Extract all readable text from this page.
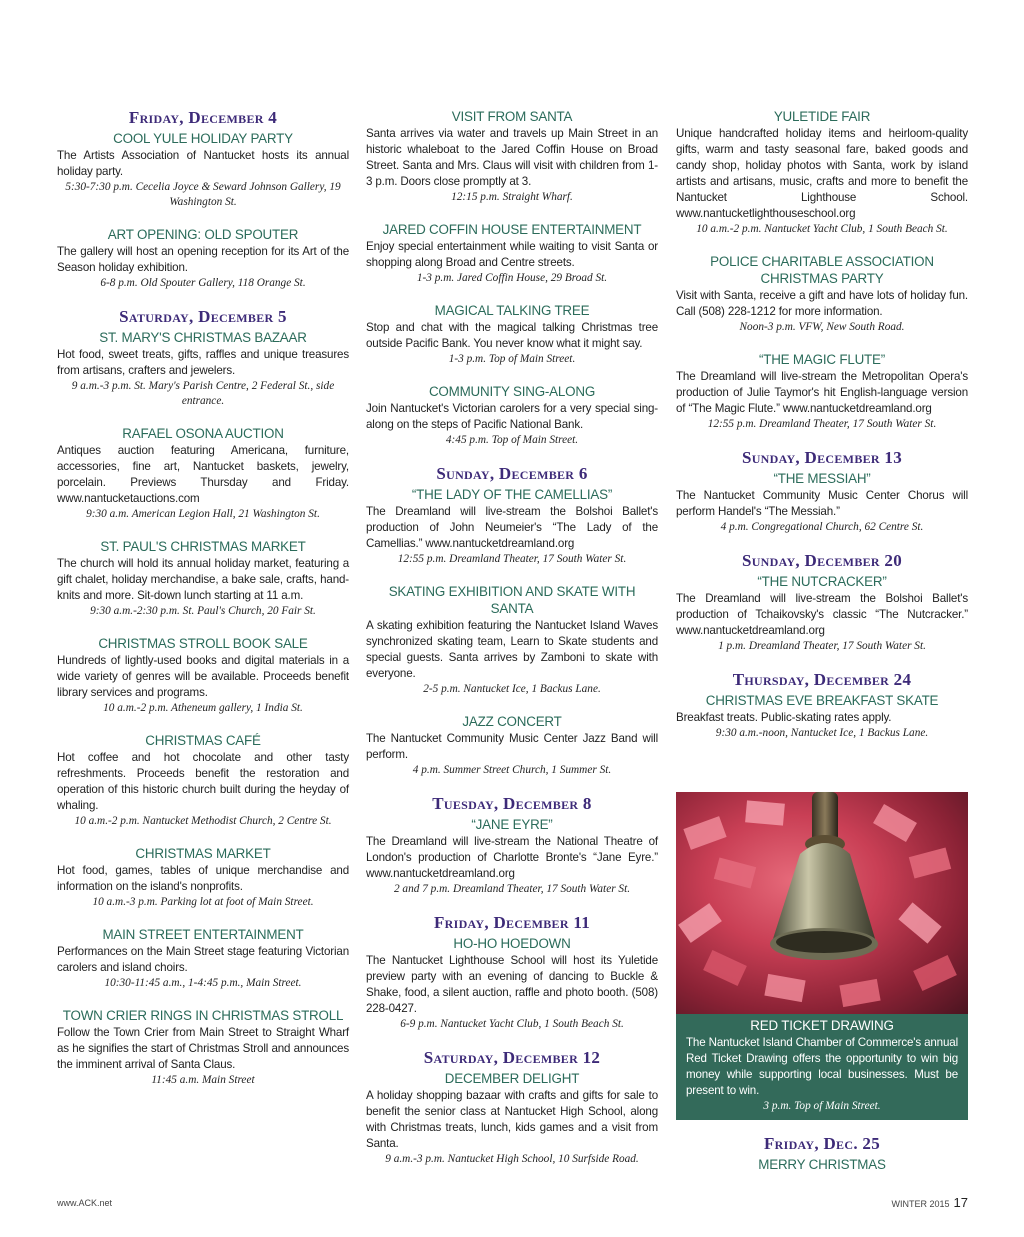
Friday, December 4
COOL YULE HOLIDAY PARTY

The Artists Association of Nantucket hosts its annual holiday party.

5:30-7:30 p.m. Cecelia Joyce & Seward Johnson Gallery, 19 Washington St.

ART OPENING: OLD SPOUTER

The gallery will host an opening reception for its Art of the Season holiday exhibition.

6-8 p.m. Old Spouter Gallery, 118 Orange St.

Saturday, December 5
ST. MARY'S CHRISTMAS BAZAAR

Hot food, sweet treats, gifts, raffles and unique treasures from artisans, crafters and jewelers.

9 a.m.-3 p.m. St. Mary's Parish Centre, 2 Federal St., side entrance.

RAFAEL OSONA AUCTION

Antiques auction featuring Americana, furniture, accessories, fine art, Nantucket baskets, jewelry, porcelain. Previews Thursday and Friday. www.nantucketauctions.com

9:30 a.m. American Legion Hall, 21 Washington St.

ST. PAUL'S CHRISTMAS MARKET

The church will hold its annual holiday market, featuring a gift chalet, holiday merchandise, a bake sale, crafts, hand-knits and more. Sit-down lunch starting at 11 a.m.

9:30 a.m.-2:30 p.m. St. Paul's Church, 20 Fair St.

CHRISTMAS STROLL BOOK SALE

Hundreds of lightly-used books and digital materials in a wide variety of genres will be available. Proceeds benefit library services and programs.

10 a.m.-2 p.m. Atheneum gallery, 1 India St.

CHRISTMAS CAFÉ

Hot coffee and hot chocolate and other tasty refreshments. Proceeds benefit the restoration and operation of this historic church built during the heyday of whaling.

10 a.m.-2 p.m. Nantucket Methodist Church, 2 Centre St.

CHRISTMAS MARKET

Hot food, games, tables of unique merchandise and information on the island's nonprofits.

10 a.m.-3 p.m. Parking lot at foot of Main Street.

MAIN STREET ENTERTAINMENT

Performances on the Main Street stage featuring Victorian carolers and island choirs.

10:30-11:45 a.m., 1-4:45 p.m., Main Street.

TOWN CRIER RINGS IN CHRISTMAS STROLL

Follow the Town Crier from Main Street to Straight Wharf as he signifies the start of Christmas Stroll and announces the imminent arrival of Santa Claus.

11:45 a.m. Main Street

VISIT FROM SANTA

Santa arrives via water and travels up Main Street in an historic whaleboat to the Jared Coffin House on Broad Street. Santa and Mrs. Claus will visit with children from 1-3 p.m. Doors close promptly at 3.

12:15 p.m. Straight Wharf.

JARED COFFIN HOUSE ENTERTAINMENT

Enjoy special entertainment while waiting to visit Santa or shopping along Broad and Centre streets.

1-3 p.m. Jared Coffin House, 29 Broad St.

MAGICAL TALKING TREE

Stop and chat with the magical talking Christmas tree outside Pacific Bank. You never know what it might say.

1-3 p.m. Top of Main Street.

COMMUNITY SING-ALONG

Join Nantucket's Victorian carolers for a very special sing-along on the steps of Pacific National Bank.

4:45 p.m. Top of Main Street.

Sunday, December 6
“THE LADY OF THE CAMELLIAS”

The Dreamland will live-stream the Bolshoi Ballet's production of John Neumeier's “The Lady of the Camellias.” www.nantucketdreamland.org

12:55 p.m. Dreamland Theater, 17 South Water St.

SKATING EXHIBITION AND SKATE WITH SANTA

A skating exhibition featuring the Nantucket Island Waves synchronized skating team, Learn to Skate students and special guests. Santa arrives by Zamboni to skate with everyone.

2-5 p.m. Nantucket Ice, 1 Backus Lane.

JAZZ CONCERT

The Nantucket Community Music Center Jazz Band will perform.

4 p.m. Summer Street Church, 1 Summer St.

Tuesday, December 8
“JANE EYRE”

The Dreamland will live-stream the National Theatre of London's production of Charlotte Bronte's “Jane Eyre.” www.nantucketdreamland.org

2 and 7 p.m. Dreamland Theater, 17 South Water St.

Friday, December 11
HO-HO HOEDOWN

The Nantucket Lighthouse School will host its Yuletide preview party with an evening of dancing to Buckle & Shake, food, a silent auction, raffle and photo booth. (508) 228-0427.

6-9 p.m. Nantucket Yacht Club, 1 South Beach St.

Saturday, December 12
DECEMBER DELIGHT

A holiday shopping bazaar with crafts and gifts for sale to benefit the senior class at Nantucket High School, along with Christmas treats, lunch, kids games and a visit from Santa.

9 a.m.-3 p.m. Nantucket High School, 10 Surfside Road.

YULETIDE FAIR

Unique handcrafted holiday items and heirloom-quality gifts, warm and tasty seasonal fare, baked goods and candy shop, holiday photos with Santa, work by island artists and artisans, music, crafts and more to benefit the Nantucket Lighthouse School. www.nantucketlighthouseschool.org

10 a.m.-2 p.m. Nantucket Yacht Club, 1 South Beach St.

POLICE CHARITABLE ASSOCIATION CHRISTMAS PARTY

Visit with Santa, receive a gift and have lots of holiday fun. Call (508) 228-1212 for more information.

Noon-3 p.m. VFW, New South Road.

“THE MAGIC FLUTE”

The Dreamland will live-stream the Metropolitan Opera's production of Julie Taymor's hit English-language version of “The Magic Flute.” www.nantucketdreamland.org

12:55 p.m. Dreamland Theater, 17 South Water St.

Sunday, December 13
“THE MESSIAH”

The Nantucket Community Music Center Chorus will perform Handel's “The Messiah.”

4 p.m. Congregational Church, 62 Centre St.

Sunday, December 20
“THE NUTCRACKER”

The Dreamland will live-stream the Bolshoi Ballet's production of Tchaikovsky's classic “The Nutcracker.” www.nantucketdreamland.org

1 p.m. Dreamland Theater, 17 South Water St.

Thursday, December 24
CHRISTMAS EVE BREAKFAST SKATE

Breakfast treats. Public-skating rates apply.

9:30 a.m.-noon, Nantucket Ice, 1 Backus Lane.

RED TICKET DRAWING

The Nantucket Island Chamber of Commerce's annual Red Ticket Drawing offers the opportunity to win big money while supporting local businesses. Must be present to win.

3 p.m. Top of Main Street.

Friday, Dec. 25
MERRY CHRISTMAS
www.ACK.net	WINTER 2015 17
